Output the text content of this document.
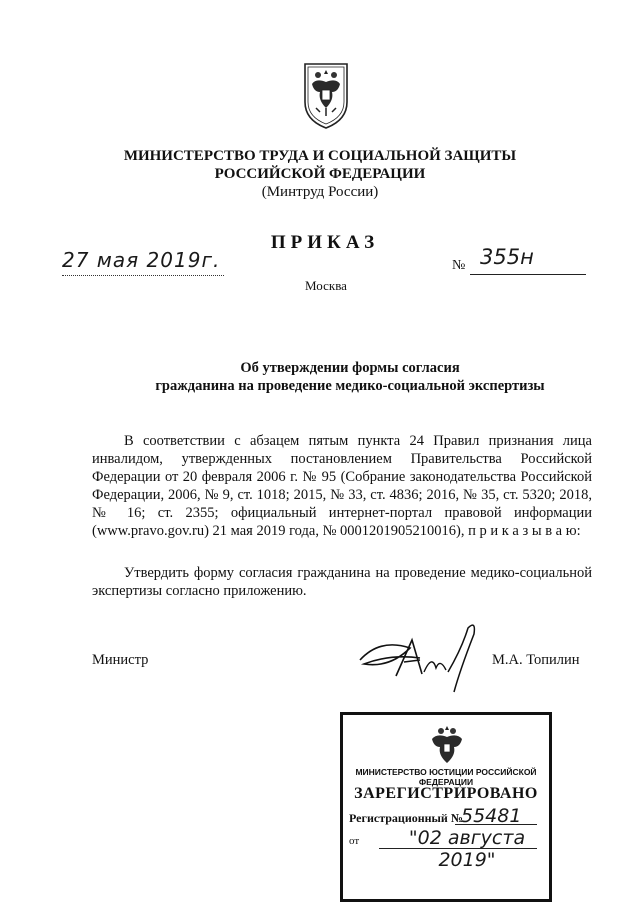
МИНИСТЕРСТВО ТРУДА И СОЦИАЛЬНОЙ ЗАЩИТЫ
РОССИЙСКОЙ ФЕДЕРАЦИИ
(Минтруд России)
ПРИКАЗ
27 мая 2019г.	№ 355н
Москва
Об утверждении формы согласия
гражданина на проведение медико-социальной экспертизы

В соответствии с абзацем пятым пункта 24 Правил признания лица инвалидом, утвержденных постановлением Правительства Российской Федерации от 20 февраля 2006 г. № 95 (Собрание законодательства Российской Федерации, 2006, № 9, ст. 1018; 2015, № 33, ст. 4836; 2016, № 35, ст. 5320; 2018, № 16; ст. 2355; официальный интернет-портал правовой информации (www.pravo.gov.ru) 21 мая 2019 года, № 0001201905210016), п р и к а з ы в а ю:

Утвердить форму согласия гражданина на проведение медико-социальной экспертизы согласно приложению.

Министр	М.А. Топилин
МИНИСТЕРСТВО ЮСТИЦИИ РОССИЙСКОЙ ФЕДЕРАЦИИ
ЗАРЕГИСТРИРОВАНО
Регистрационный №
55481
от	"02 августа 2019"
